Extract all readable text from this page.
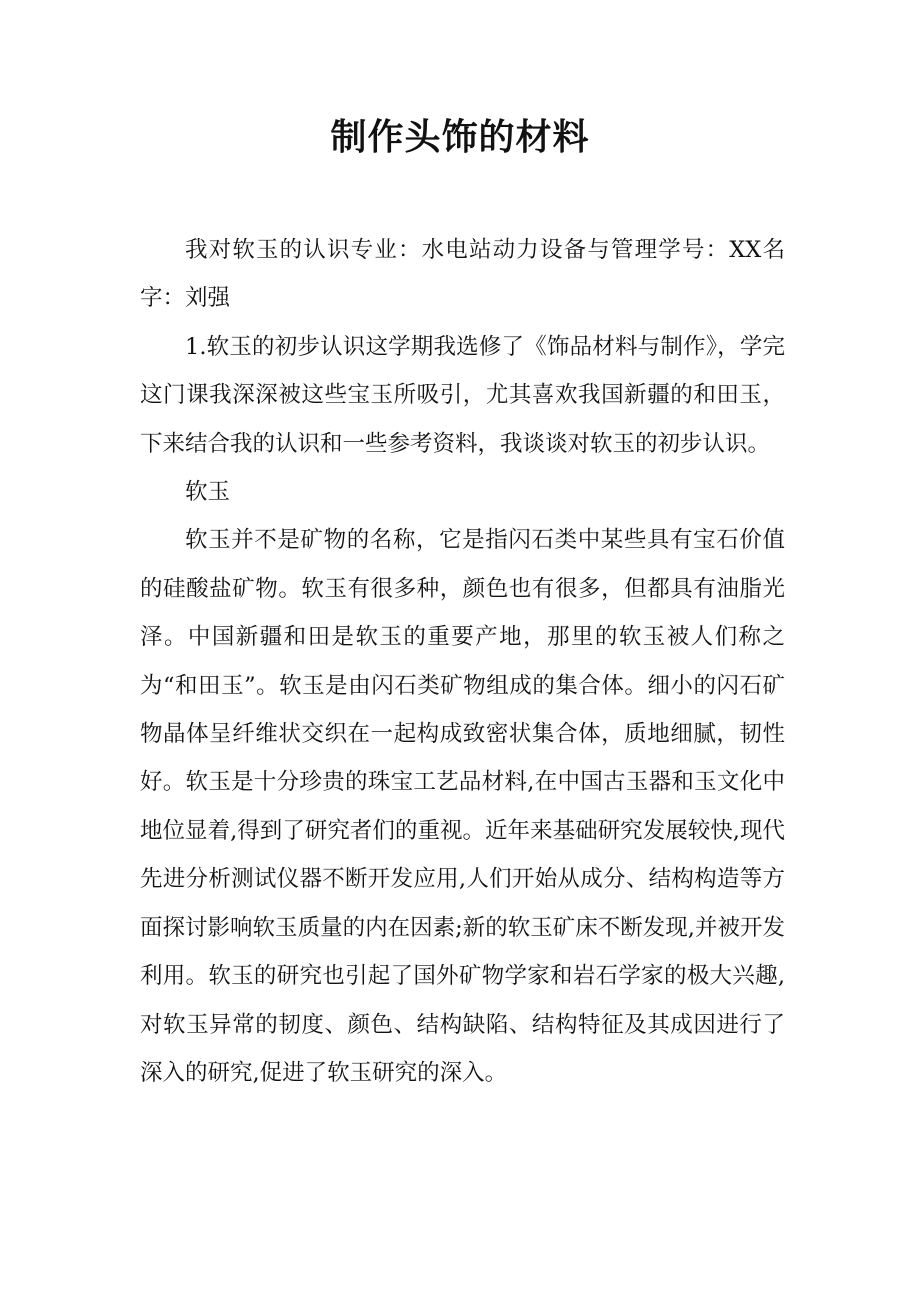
制作头饰的材料

我对软玉的认识专业：水电站动力设备与管理学号：XX名字：刘强

1.软玉的初步认识这学期我选修了《饰品材料与制作》，学完这门课我深深被这些宝玉所吸引，尤其喜欢我国新疆的和田玉，下来结合我的认识和一些参考资料，我谈谈对软玉的初步认识。

软玉

软玉并不是矿物的名称，它是指闪石类中某些具有宝石价值的硅酸盐矿物。软玉有很多种，颜色也有很多，但都具有油脂光泽。中国新疆和田是软玉的重要产地，那里的软玉被人们称之为“和田玉”。软玉是由闪石类矿物组成的集合体。细小的闪石矿物晶体呈纤维状交织在一起构成致密状集合体，质地细腻，韧性好。软玉是十分珍贵的珠宝工艺品材料,在中国古玉器和玉文化中地位显着,得到了研究者们的重视。近年来基础研究发展较快,现代先进分析测试仪器不断开发应用,人们开始从成分、结构构造等方面探讨影响软玉质量的内在因素;新的软玉矿床不断发现,并被开发利用。软玉的研究也引起了国外矿物学家和岩石学家的极大兴趣,对软玉异常的韧度、颜色、结构缺陷、结构特征及其成因进行了深入的研究,促进了软玉研究的深入。
